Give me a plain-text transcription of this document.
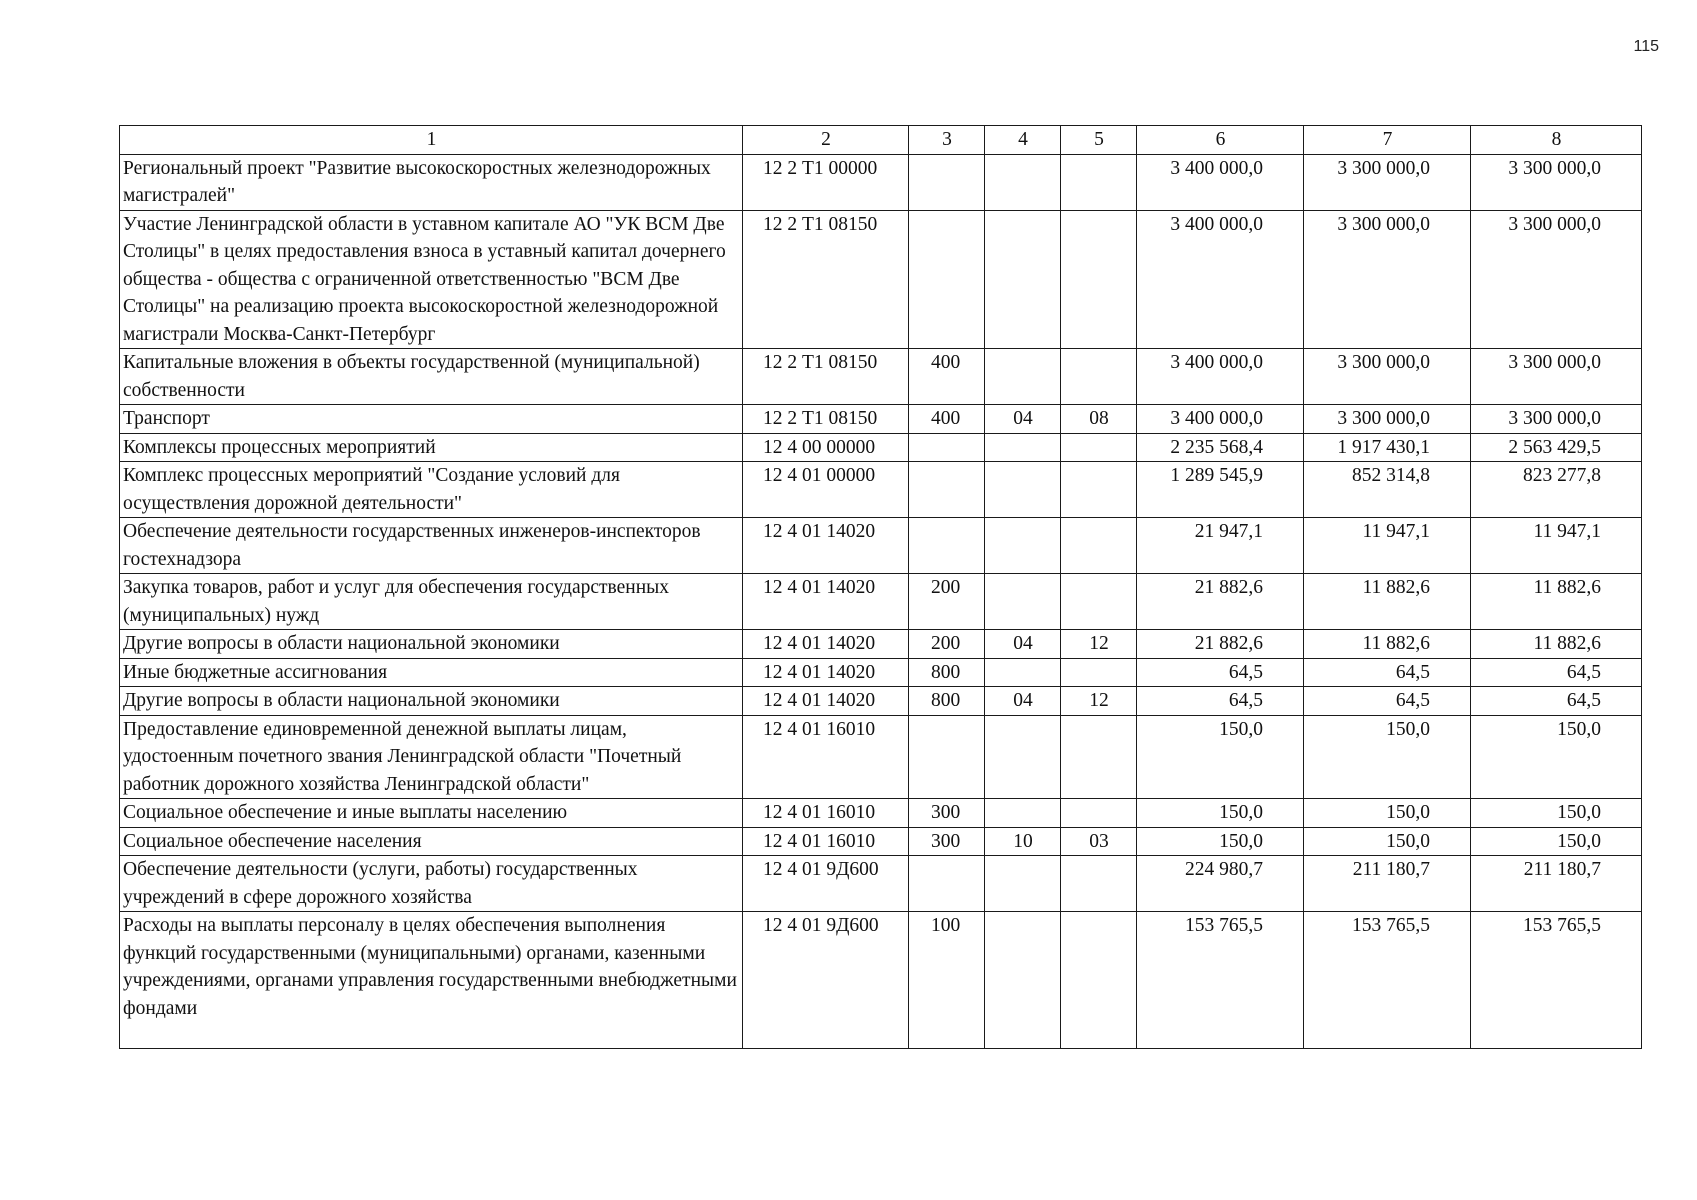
115
1	2	3	4	5	6	7	8
Региональный проект "Развитие высокоскоростных железнодорожных магистралей"	12 2 Т1 00000				3 400 000,0	3 300 000,0	3 300 000,0
Участие Ленинградской области в уставном капитале АО "УК ВСМ Две Столицы" в целях предоставления взноса в уставный капитал дочернего общества - общества с ограниченной ответственностью "ВСМ Две Столицы" на реализацию проекта высокоскоростной железнодорожной магистрали Москва-Санкт-Петербург	12 2 Т1 08150				3 400 000,0	3 300 000,0	3 300 000,0
Капитальные вложения в объекты государственной (муниципальной) собственности	12 2 Т1 08150	400			3 400 000,0	3 300 000,0	3 300 000,0
Транспорт	12 2 Т1 08150	400	04	08	3 400 000,0	3 300 000,0	3 300 000,0
Комплексы процессных мероприятий	12 4 00 00000				2 235 568,4	1 917 430,1	2 563 429,5
Комплекс процессных мероприятий "Создание условий для осуществления дорожной деятельности"	12 4 01 00000				1 289 545,9	852 314,8	823 277,8
Обеспечение деятельности государственных инженеров-инспекторов гостехнадзора	12 4 01 14020				21 947,1	11 947,1	11 947,1
Закупка товаров, работ и услуг для обеспечения государственных (муниципальных) нужд	12 4 01 14020	200			21 882,6	11 882,6	11 882,6
Другие вопросы в области национальной экономики	12 4 01 14020	200	04	12	21 882,6	11 882,6	11 882,6
Иные бюджетные ассигнования	12 4 01 14020	800			64,5	64,5	64,5
Другие вопросы в области национальной экономики	12 4 01 14020	800	04	12	64,5	64,5	64,5
Предоставление единовременной денежной выплаты лицам, удостоенным почетного звания Ленинградской области "Почетный работник дорожного хозяйства Ленинградской области"	12 4 01 16010				150,0	150,0	150,0
Социальное обеспечение и иные выплаты населению	12 4 01 16010	300			150,0	150,0	150,0
Социальное обеспечение населения	12 4 01 16010	300	10	03	150,0	150,0	150,0
Обеспечение деятельности (услуги, работы) государственных учреждений в сфере дорожного хозяйства	12 4 01 9Д600				224 980,7	211 180,7	211 180,7
Расходы на выплаты персоналу в целях обеспечения выполнения функций государственными (муниципальными) органами, казенными учреждениями, органами управления государственными внебюджетными фондами	12 4 01 9Д600	100			153 765,5	153 765,5	153 765,5
